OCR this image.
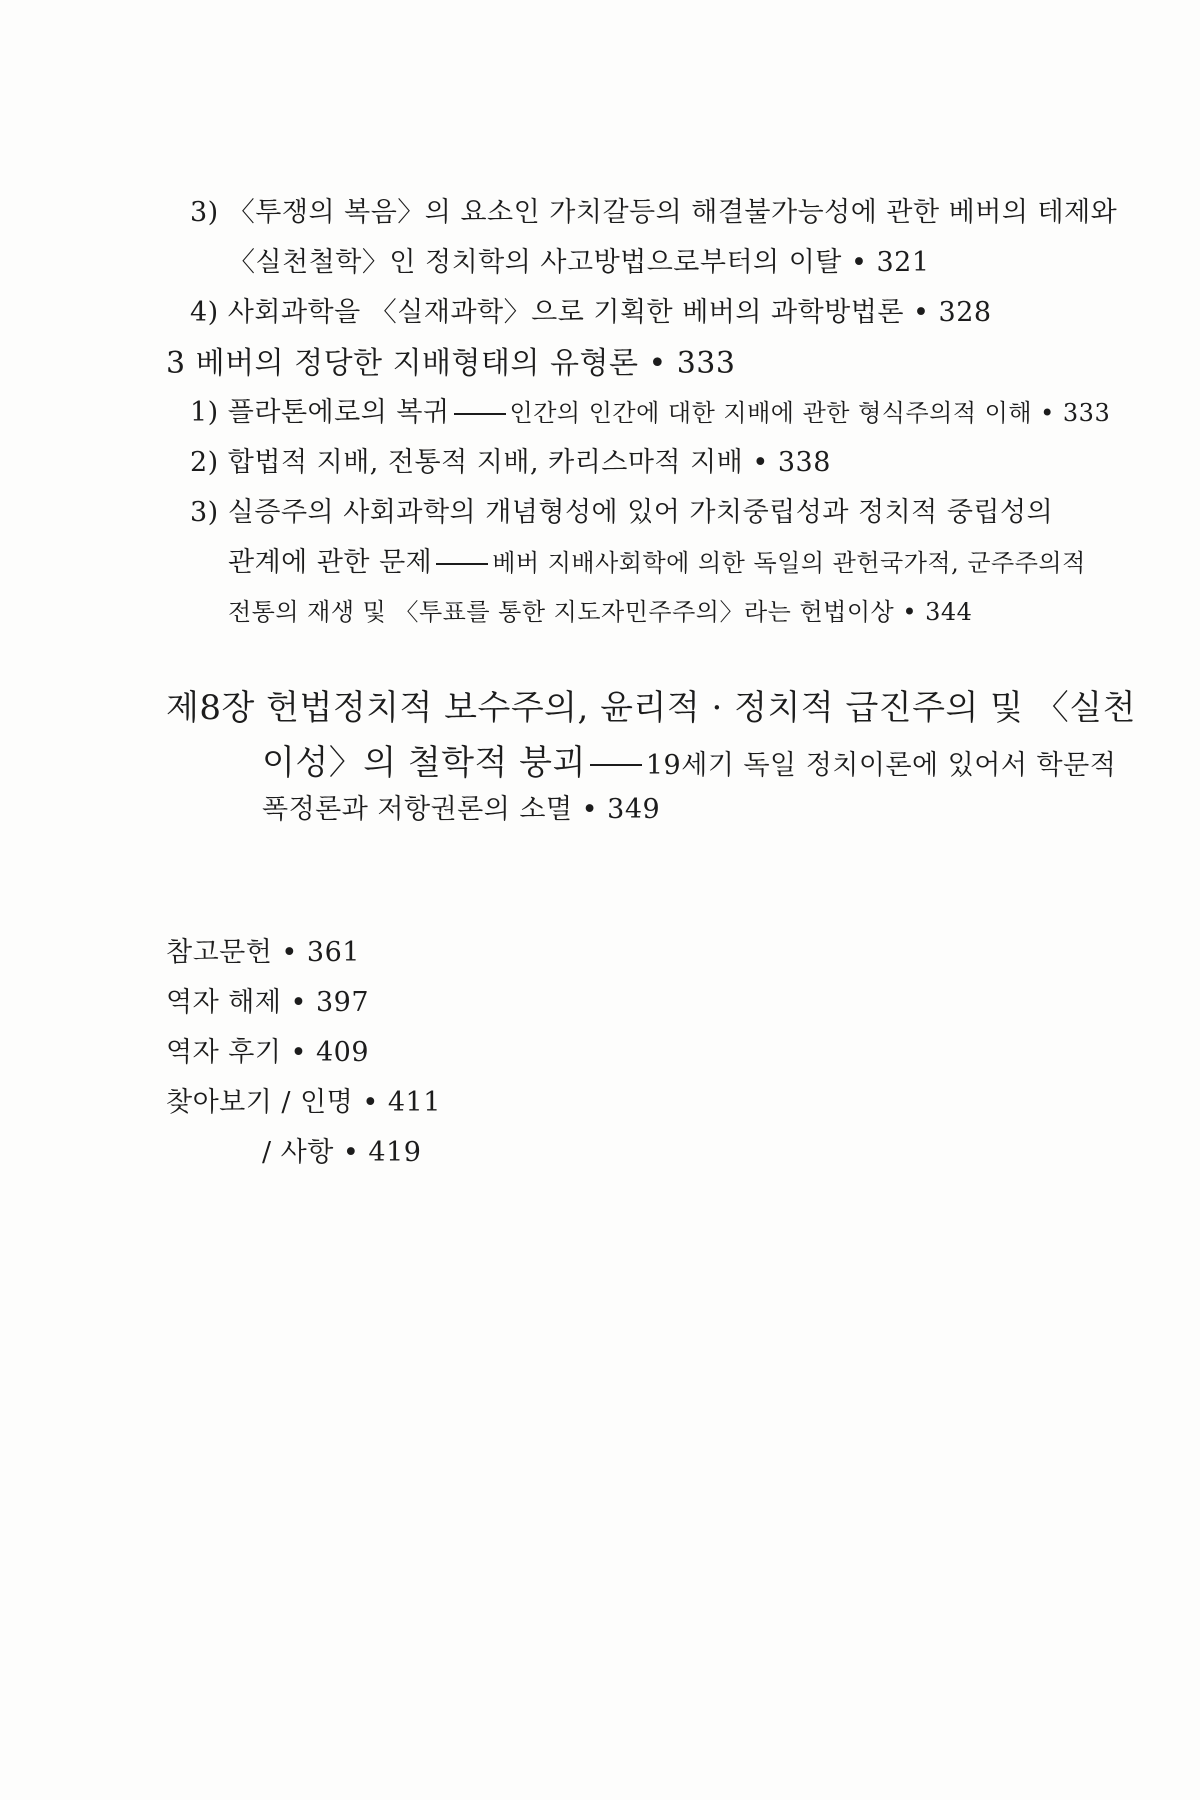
3) 〈투쟁의 복음〉의 요소인 가치갈등의 해결불가능성에 관한 베버의 테제와
〈실천철학〉인 정치학의 사고방법으로부터의 이탈 • 321
4) 사회과학을 〈실재과학〉으로 기획한 베버의 과학방법론 • 328
3 베버의 정당한 지배형태의 유형론 • 333
1) 플라톤에로의 복귀	인간의 인간에 대한 지배에 관한 형식주의적 이해 • 333
2) 합법적 지배, 전통적 지배, 카리스마적 지배 • 338
3) 실증주의 사회과학의 개념형성에 있어 가치중립성과 정치적 중립성의
관계에 관한 문제	베버 지배사회학에 의한 독일의 관헌국가적, 군주주의적
전통의 재생 및 〈투표를 통한 지도자민주주의〉라는 헌법이상 • 344
제8장 헌법정치적 보수주의, 윤리적 · 정치적 급진주의 및 〈실천
이성〉의 철학적 붕괴 19세기 독일 정치이론에 있어서 학문적
폭정론과 저항권론의 소멸 • 349
참고문헌 • 361
역자 해제 • 397
역자 후기 • 409
찾아보기 / 인명 • 411
/ 사항 • 419
